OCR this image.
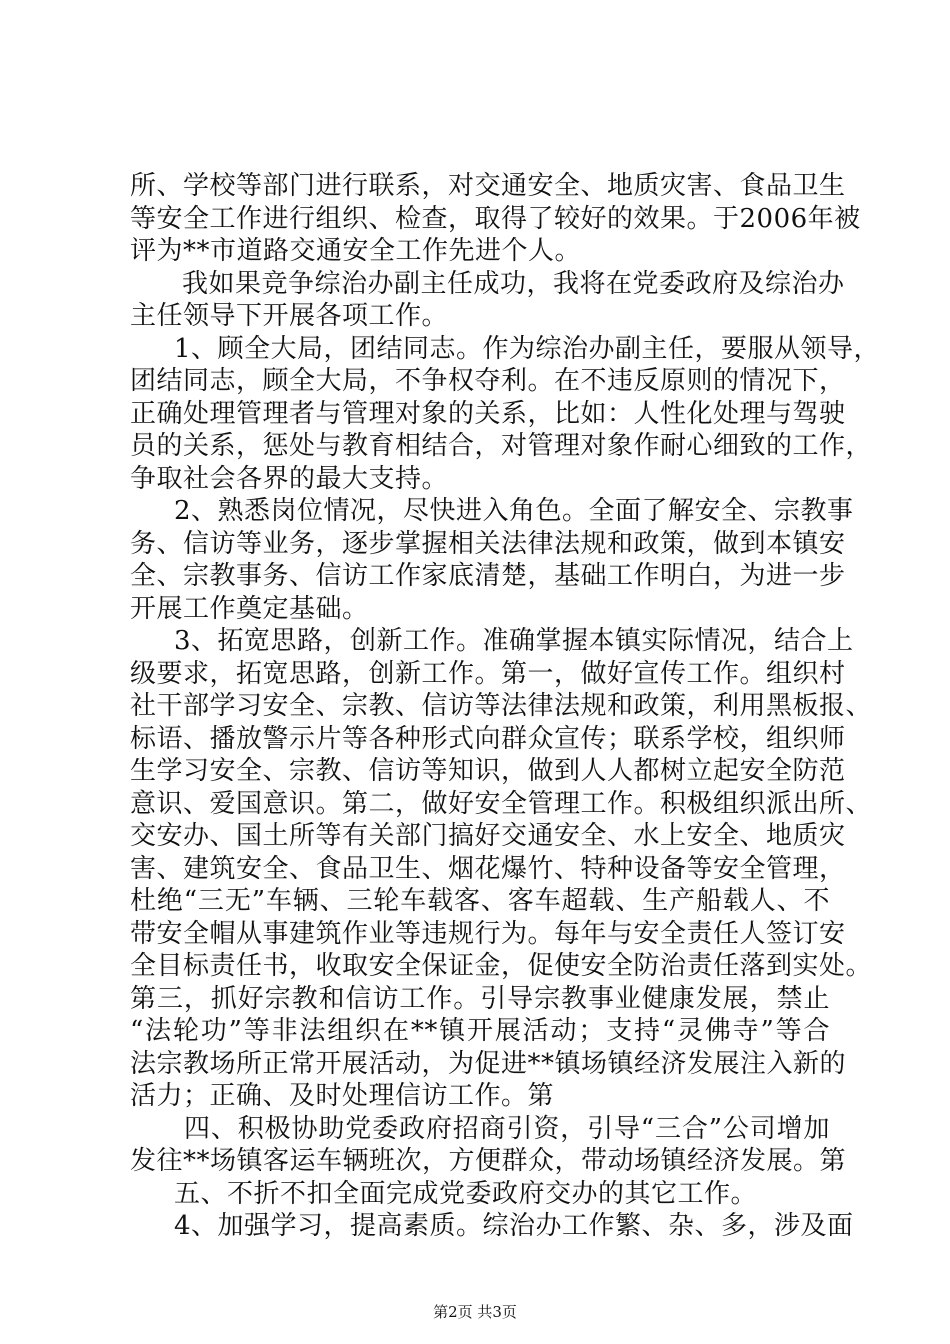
所、学校等部门进行联系，对交通安全、地质灾害、食品卫生
等安全工作进行组织、检查，取得了较好的效果。于2006年被
评为**市道路交通安全工作先进个人。
我如果竞争综治办副主任成功，我将在党委政府及综治办
主任领导下开展各项工作。
1、顾全大局，团结同志。作为综治办副主任，要服从领导，
团结同志，顾全大局，不争权夺利。在不违反原则的情况下，
正确处理管理者与管理对象的关系，比如：人性化处理与驾驶
员的关系，惩处与教育相结合，对管理对象作耐心细致的工作，
争取社会各界的最大支持。
2、熟悉岗位情况，尽快进入角色。全面了解安全、宗教事
务、信访等业务，逐步掌握相关法律法规和政策，做到本镇安
全、宗教事务、信访工作家底清楚，基础工作明白，为进一步
开展工作奠定基础。
3、拓宽思路，创新工作。准确掌握本镇实际情况，结合上
级要求，拓宽思路，创新工作。第一，做好宣传工作。组织村
社干部学习安全、宗教、信访等法律法规和政策，利用黑板报、
标语、播放警示片等各种形式向群众宣传；联系学校，组织师
生学习安全、宗教、信访等知识，做到人人都树立起安全防范
意识、爱国意识。第二，做好安全管理工作。积极组织派出所、
交安办、国土所等有关部门搞好交通安全、水上安全、地质灾
害、建筑安全、食品卫生、烟花爆竹、特种设备等安全管理，
杜绝“三无”车辆、三轮车载客、客车超载、生产船载人、不
带安全帽从事建筑作业等违规行为。每年与安全责任人签订安
全目标责任书，收取安全保证金，促使安全防治责任落到实处。
第三，抓好宗教和信访工作。引导宗教事业健康发展，禁止
“法轮功”等非法组织在**镇开展活动；支持“灵佛寺”等合
法宗教场所正常开展活动，为促进**镇场镇经济发展注入新的
活力；正确、及时处理信访工作。第
四、积极协助党委政府招商引资，引导“三合”公司增加
发往**场镇客运车辆班次，方便群众，带动场镇经济发展。第
五、不折不扣全面完成党委政府交办的其它工作。
4、加强学习，提高素质。综治办工作繁、杂、多，涉及面
第2页 共3页
